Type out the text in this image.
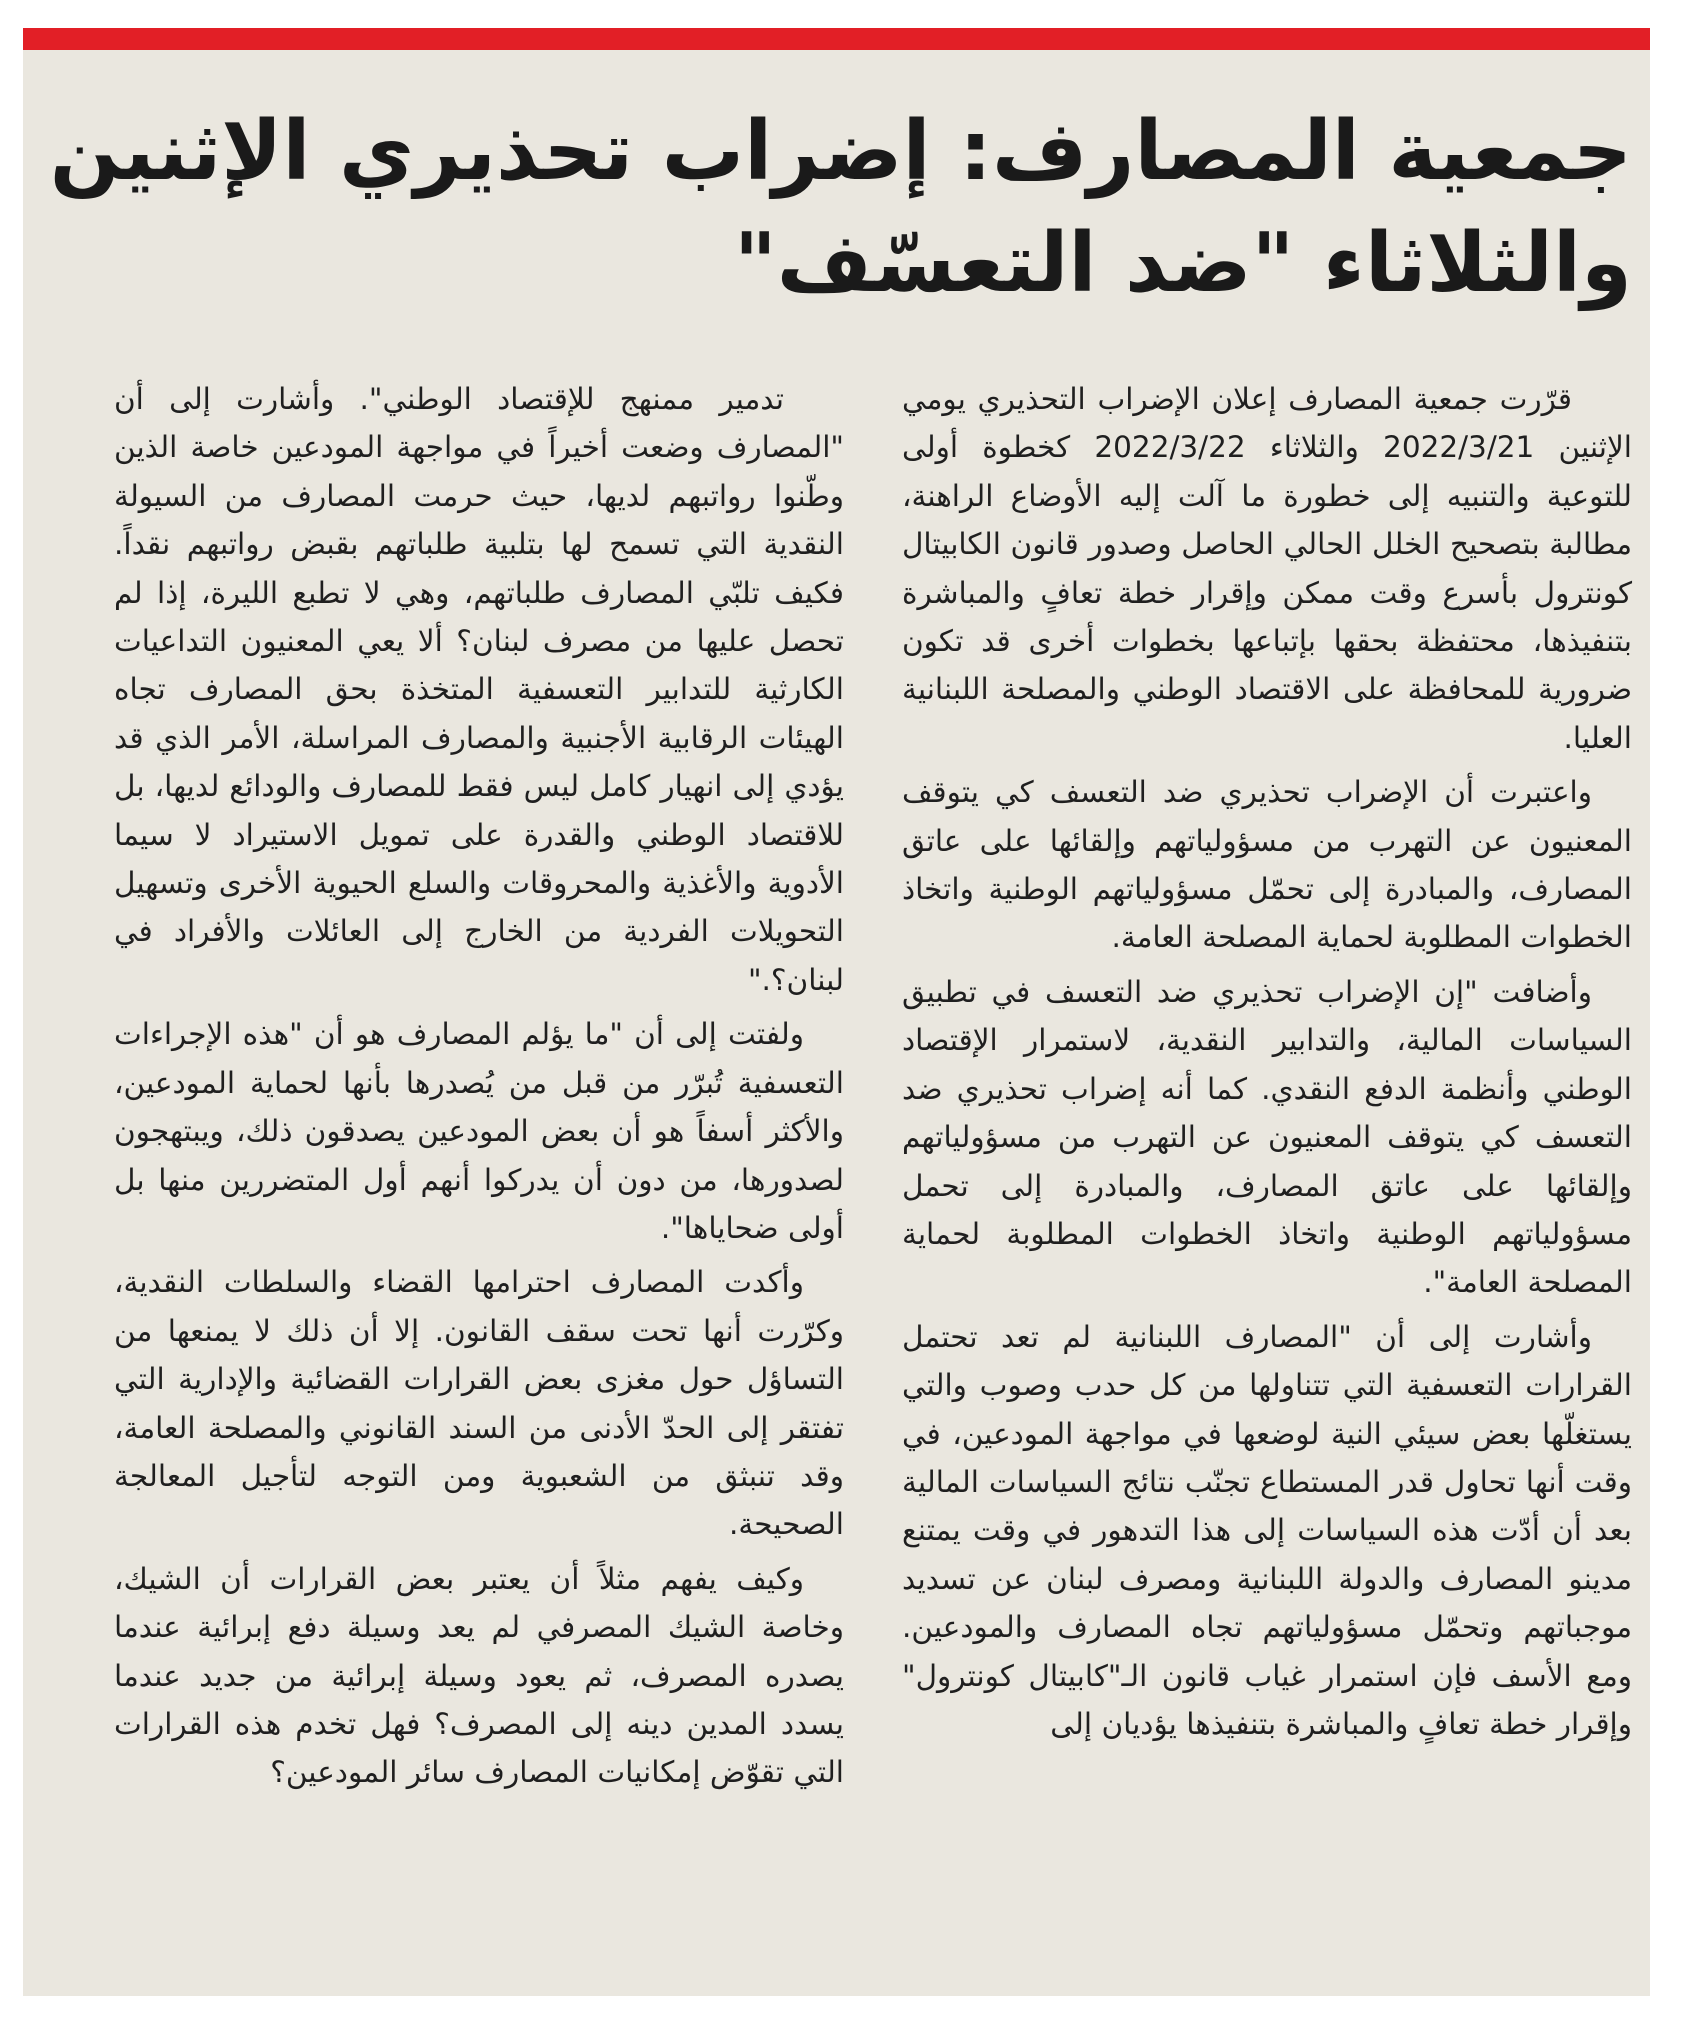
جمعية المصارف: إضراب تحذيري الإثنين
والثلاثاء "ضد التعسّف"

قرّرت جمعية المصارف إعلان الإضراب التحذيري يومي الإثنين 2022/3/21 والثلاثاء 2022/3/22 كخطوة أولى للتوعية والتنبيه إلى خطورة ما آلت إليه الأوضاع الراهنة، مطالبة بتصحيح الخلل الحالي الحاصل وصدور قانون الكابيتال كونترول بأسرع وقت ممكن وإقرار خطة تعافٍ والمباشرة بتنفيذها، محتفظة بحقها بإتباعها بخطوات أخرى قد تكون ضرورية للمحافظة على الاقتصاد الوطني والمصلحة اللبنانية العليا.

واعتبرت أن الإضراب تحذيري ضد التعسف كي يتوقف المعنيون عن التهرب من مسؤولياتهم وإلقائها على عاتق المصارف، والمبادرة إلى تحمّل مسؤولياتهم الوطنية واتخاذ الخطوات المطلوبة لحماية المصلحة العامة.

وأضافت "إن الإضراب تحذيري ضد التعسف في تطبيق السياسات المالية، والتدابير النقدية، لاستمرار الإقتصاد الوطني وأنظمة الدفع النقدي. كما أنه إضراب تحذيري ضد التعسف كي يتوقف المعنيون عن التهرب من مسؤولياتهم وإلقائها على عاتق المصارف، والمبادرة إلى تحمل مسؤولياتهم الوطنية واتخاذ الخطوات المطلوبة لحماية المصلحة العامة".

وأشارت إلى أن "المصارف اللبنانية لم تعد تحتمل القرارات التعسفية التي تتناولها من كل حدب وصوب والتي يستغلّها بعض سيئي النية لوضعها في مواجهة المودعين، في وقت أنها تحاول قدر المستطاع تجنّب نتائج السياسات المالية بعد أن أدّت هذه السياسات إلى هذا التدهور في وقت يمتنع مدينو المصارف والدولة اللبنانية ومصرف لبنان عن تسديد موجباتهم وتحمّل مسؤولياتهم تجاه المصارف والمودعين. ومع الأسف فإن استمرار غياب قانون الـ"كابيتال كونترول" وإقرار خطة تعافٍ والمباشرة بتنفيذها يؤديان إلى

تدمير ممنهج للإقتصاد الوطني". وأشارت إلى أن "المصارف وضعت أخيراً في مواجهة المودعين خاصة الذين وطّنوا رواتبهم لديها، حيث حرمت المصارف من السيولة النقدية التي تسمح لها بتلبية طلباتهم بقبض رواتبهم نقداً. فكيف تلبّي المصارف طلباتهم، وهي لا تطبع الليرة، إذا لم تحصل عليها من مصرف لبنان؟ ألا يعي المعنيون التداعيات الكارثية للتدابير التعسفية المتخذة بحق المصارف تجاه الهيئات الرقابية الأجنبية والمصارف المراسلة، الأمر الذي قد يؤدي إلى انهيار كامل ليس فقط للمصارف والودائع لديها، بل للاقتصاد الوطني والقدرة على تمويل الاستيراد لا سيما الأدوية والأغذية والمحروقات والسلع الحيوية الأخرى وتسهيل التحويلات الفردية من الخارج إلى العائلات والأفراد في لبنان؟."

ولفتت إلى أن "ما يؤلم المصارف هو أن "هذه الإجراءات التعسفية تُبرّر من قبل من يُصدرها بأنها لحماية المودعين، والأكثر أسفاً هو أن بعض المودعين يصدقون ذلك، ويبتهجون لصدورها، من دون أن يدركوا أنهم أول المتضررين منها بل أولى ضحاياها".

وأكدت المصارف احترامها القضاء والسلطات النقدية، وكرّرت أنها تحت سقف القانون. إلا أن ذلك لا يمنعها من التساؤل حول مغزى بعض القرارات القضائية والإدارية التي تفتقر إلى الحدّ الأدنى من السند القانوني والمصلحة العامة، وقد تنبثق من الشعبوية ومن التوجه لتأجيل المعالجة الصحيحة.

وكيف يفهم مثلاً أن يعتبر بعض القرارات أن الشيك، وخاصة الشيك المصرفي لم يعد وسيلة دفع إبرائية عندما يصدره المصرف، ثم يعود وسيلة إبرائية من جديد عندما يسدد المدين دينه إلى المصرف؟ فهل تخدم هذه القرارات التي تقوّض إمكانيات المصارف سائر المودعين؟
